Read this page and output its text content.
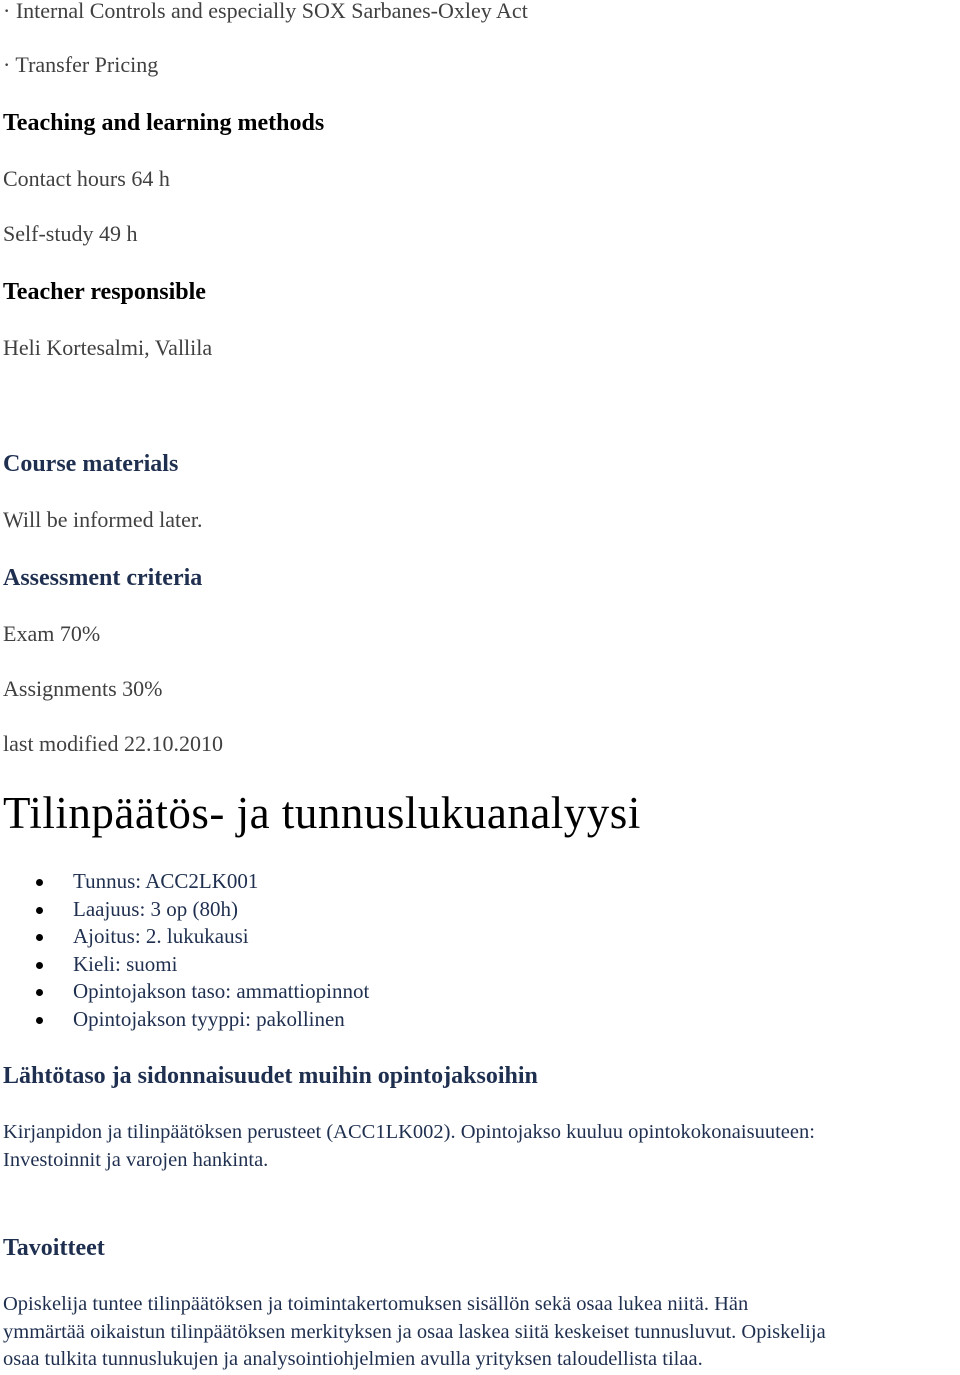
· Internal Controls and especially SOX Sarbanes-Oxley Act

· Transfer Pricing

Teaching and learning methods

Contact hours 64 h

Self-study 49 h

Teacher responsible

Heli Kortesalmi, Vallila

Course materials

Will be informed later.

Assessment criteria

Exam 70%

Assignments 30%

last modified 22.10.2010

Tilinpäätös- ja tunnuslukuanalyysi
Tunnus: ACC2LK001
Laajuus: 3 op (80h)
Ajoitus: 2. lukukausi
Kieli: suomi
Opintojakson taso: ammattiopinnot
Opintojakson tyyppi: pakollinen
Lähtötaso ja sidonnaisuudet muihin opintojaksoihin

Kirjanpidon ja tilinpäätöksen perusteet (ACC1LK002). Opintojakso kuuluu opintokokonaisuuteen:

Investoinnit ja varojen hankinta.

Tavoitteet

Opiskelija tuntee tilinpäätöksen ja toimintakertomuksen sisällön sekä osaa lukea niitä. Hän

ymmärtää oikaistun tilinpäätöksen merkityksen ja osaa laskea siitä keskeiset tunnusluvut. Opiskelija

osaa tulkita tunnuslukujen ja analysointiohjelmien avulla yrityksen taloudellista tilaa.
